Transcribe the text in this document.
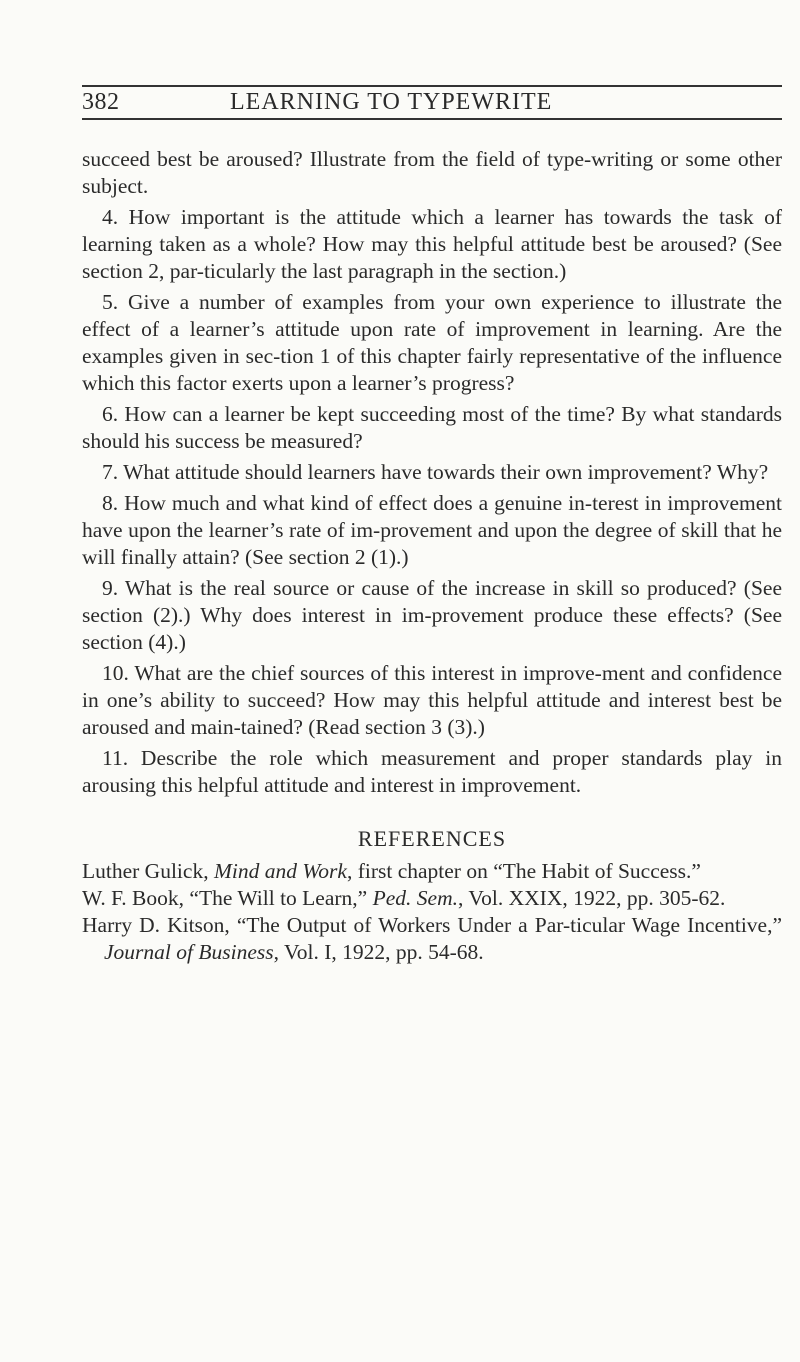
382	LEARNING TO TYPEWRITE

succeed best be aroused? Illustrate from the field of type-writing or some other subject.

4. How important is the attitude which a learner has towards the task of learning taken as a whole? How may this helpful attitude best be aroused? (See section 2, par-ticularly the last paragraph in the section.)

5. Give a number of examples from your own experience to illustrate the effect of a learner’s attitude upon rate of improvement in learning. Are the examples given in sec-tion 1 of this chapter fairly representative of the influence which this factor exerts upon a learner’s progress?

6. How can a learner be kept succeeding most of the time? By what standards should his success be measured?

7. What attitude should learners have towards their own improvement? Why?

8. How much and what kind of effect does a genuine in-terest in improvement have upon the learner’s rate of im-provement and upon the degree of skill that he will finally attain? (See section 2 (1).)

9. What is the real source or cause of the increase in skill so produced? (See section (2).) Why does interest in im-provement produce these effects? (See section (4).)

10. What are the chief sources of this interest in improve-ment and confidence in one’s ability to succeed? How may this helpful attitude and interest best be aroused and main-tained? (Read section 3 (3).)

11. Describe the role which measurement and proper standards play in arousing this helpful attitude and interest in improvement.

REFERENCES

Luther Gulick, Mind and Work, first chapter on “The Habit of Success.”

W. F. Book, “The Will to Learn,” Ped. Sem., Vol. XXIX, 1922, pp. 305-62.

Harry D. Kitson, “The Output of Workers Under a Par-ticular Wage Incentive,” Journal of Business, Vol. I, 1922, pp. 54-68.
